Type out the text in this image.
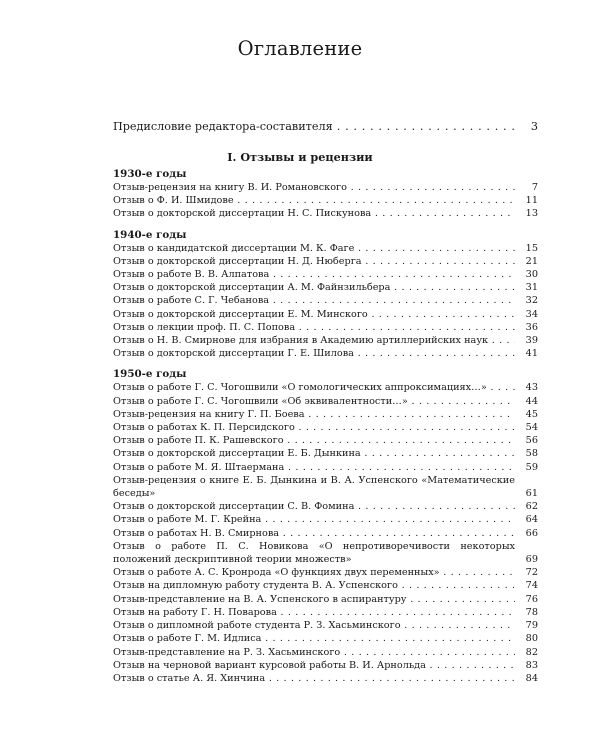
Оглавление
Предисловие редактора-составителя . . .	3
I. Отзывы и рецензии
1930-е годы
Отзыв-рецензия на книгу В. И. Романовского . . .	7
Отзыв о Ф. И. Шмидове . . .	11
Отзыв о докторской диссертации Н. С. Пискунова . . .	13
1940-е годы
Отзыв о кандидатской диссертации М. К. Фаге . . .	15
Отзыв о докторской диссертации Н. Д. Нюберга . . .	21
Отзыв о работе В. В. Алпатова . . .	30
Отзыв о докторской диссертации А. М. Файнзильбера . . .	31
Отзыв о работе С. Г. Чебанова . . .	32
Отзыв о докторской диссертации Е. М. Минского . . .	34
Отзыв о лекции проф. П. С. Попова . . .	36
Отзыв о Н. В. Смирнове для избрания в Академию артиллерийских наук . . .	39
Отзыв о докторской диссертации Г. Е. Шилова . . .	41
1950-е годы
Отзыв о работе Г. С. Чогошвили «О гомологических аппроксимациях…» . . .	43
Отзыв о работе Г. С. Чогошвили «Об эквивалентности…» . . .	44
Отзыв-рецензия на книгу Г. П. Боева . . .	45
Отзыв о работах К. П. Персидского . . .	54
Отзыв о работе П. К. Рашевского . . .	56
Отзыв о докторской диссертации Е. Б. Дынкина . . .	58
Отзыв о работе М. Я. Штаермана . . .	59
Отзыв-рецензия о книге Е. Б. Дынкина и В. А. Успенского «Математические беседы»	61
Отзыв о докторской диссертации С. В. Фомина . . .	62
Отзыв о работе М. Г. Крейна . . .	64
Отзыв о работах Н. В. Смирнова . . .	66
Отзыв о работе П. С. Новикова «О непротиворечивости некоторых положений дескриптивной теории множеств»	69
Отзыв о работе А. С. Кронрода «О функциях двух переменных» . . .	72
Отзыв на дипломную работу студента В. А. Успенского . . .	74
Отзыв-представление на В. А. Успенского в аспирантуру . . .	76
Отзыв на работу Г. Н. Поварова . . .	78
Отзыв о дипломной работе студента Р. З. Хасьминского . . .	79
Отзыв о работе Г. М. Идлиса . . .	80
Отзыв-представление на Р. З. Хасьминского . . .	82
Отзыв на черновой вариант курсовой работы В. И. Арнольда . . .	83
Отзыв о статье А. Я. Хинчина . . .	84
